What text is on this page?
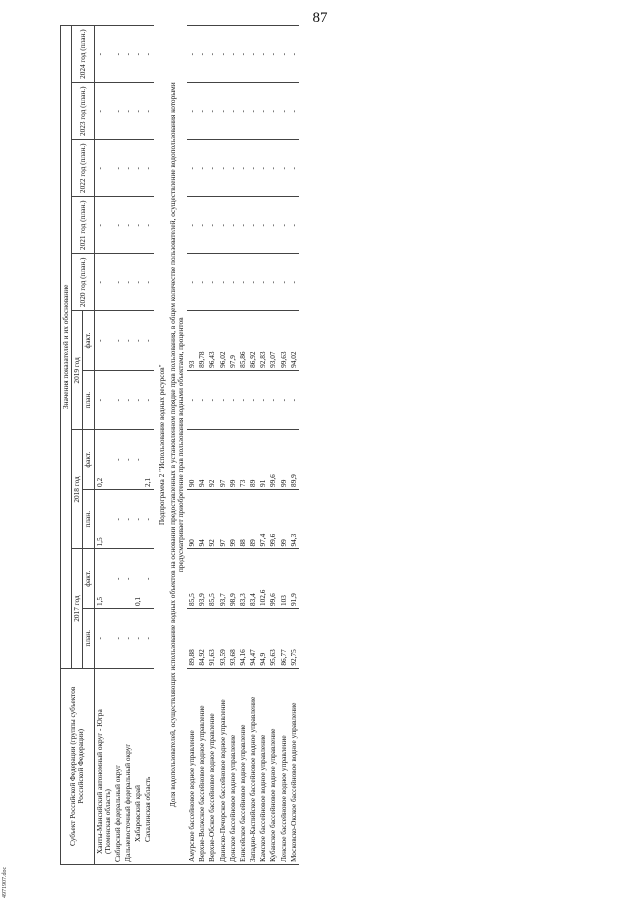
87
Субъект Российской Федерации (группы субъектов Российской Федерации)	Значения показателей и их обоснование										
	2017 год		2018 год		2019 год		2020 год (план.)	2021 год (план.)	2022 год (план.)	2023 год (план.)	2024 год (план.)
	план.	факт.	план.	факт.	план.	факт.					
Ханты-Мансийский автономный округ - Югра (Тюменская область)	-	1,5	1,5	0,2	-	-	-	-	-	-	-
Сибирский федеральный округ	-	-	-	-	-	-	-	-	-	-	-
Дальневосточный федеральный округ	-	-	-	-	-	-	-	-	-	-	-
Хабаровский край	-	0,1	-	-	-	-	-	-	-	-	-
Сахалинская область	-	-	-	2,1	-	-	-	-	-	-	-
Подпрограмма 2 "Использование водных ресурсов"											
Доля водопользователей, осуществляющих использование водных объектов на основании предоставленных в установленном порядке прав пользования, в общем количестве пользователей, осуществление водопользования которыми предусматривает приобретение прав пользования водными объектами, процентов											
Амурское бассейновое водное управление	89,88	85,5	90	90	-	93	-	-	-	-	-
Верхне-Волжское бассейновое водное управление	84,92	93,9	94	94	-	89,78	-	-	-	-	-
Верхне-Обское бассейновое водное управление	91,63	85,5	92	92	-	96,43	-	-	-	-	-
Двинско-Печорское бассейновое водное управление	93,59	93,7	97	97	-	96,02	-	-	-	-	-
Донское бассейновое водное управление	93,68	98,9	99	99	-	97,9	-	-	-	-	-
Енисейское бассейновое водное управление	94,16	83,3	88	73	-	85,86	-	-	-	-	-
Западно-Каспийское бассейновое водное управление	94,47	83,4	89	89	-	86,92	-	-	-	-	-
Камское бассейновое водное управление	94,9	102,6	97,4	91	-	92,83	-	-	-	-	-
Кубанское бассейновое водное управление	95,63	99,6	99,6	99,6	-	93,07	-	-	-	-	-
Ленское бассейновое водное управление	86,77	103	99	99	-	99,63	-	-	-	-	-
Московско-Окское бассейновое водное управление	92,75	91,9	94,3	89,9	-	94,02	-	-	-	-	-
4971907.doc
